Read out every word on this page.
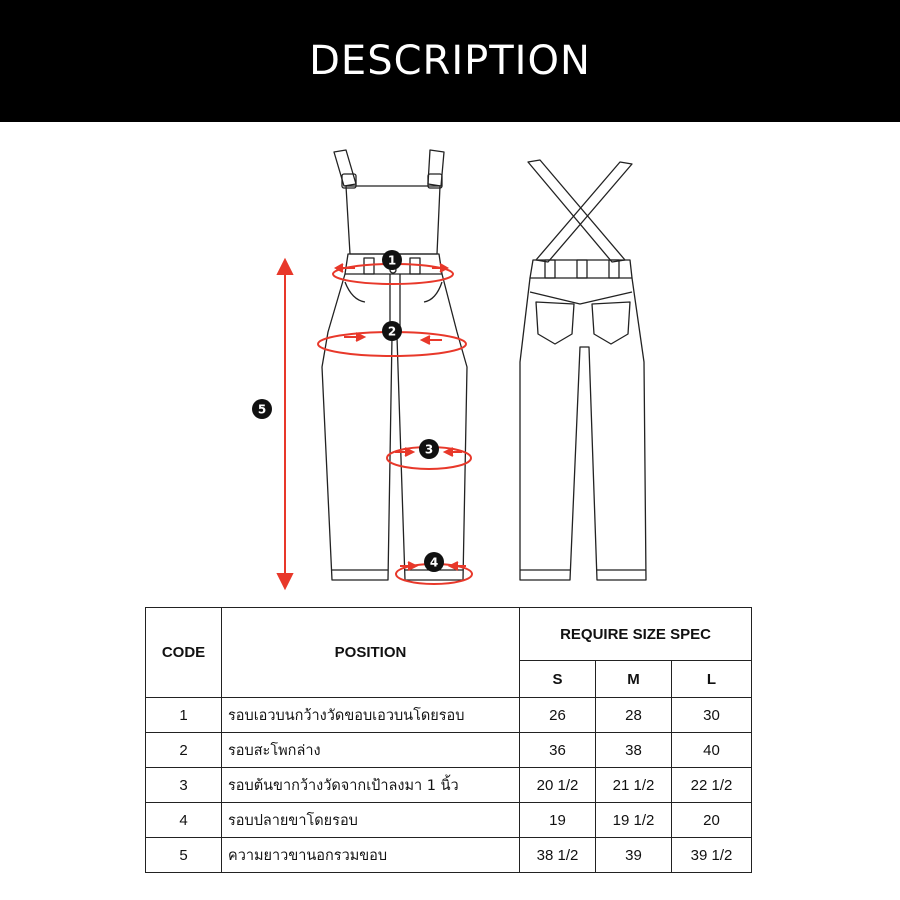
DESCRIPTION
1
2
3
4
5
CODE	POSITION	REQUIRE SIZE SPEC		
		S	M	L
1	รอบเอวบนกว้างวัดขอบเอวบนโดยรอบ	26	28	30
2	รอบสะโพกล่าง	36	38	40
3	รอบต้นขากว้างวัดจากเป้าลงมา 1 นิ้ว	20 1/2	21 1/2	22 1/2
4	รอบปลายขาโดยรอบ	19	19 1/2	20
5	ความยาวขานอกรวมขอบ	38 1/2	39	39 1/2
